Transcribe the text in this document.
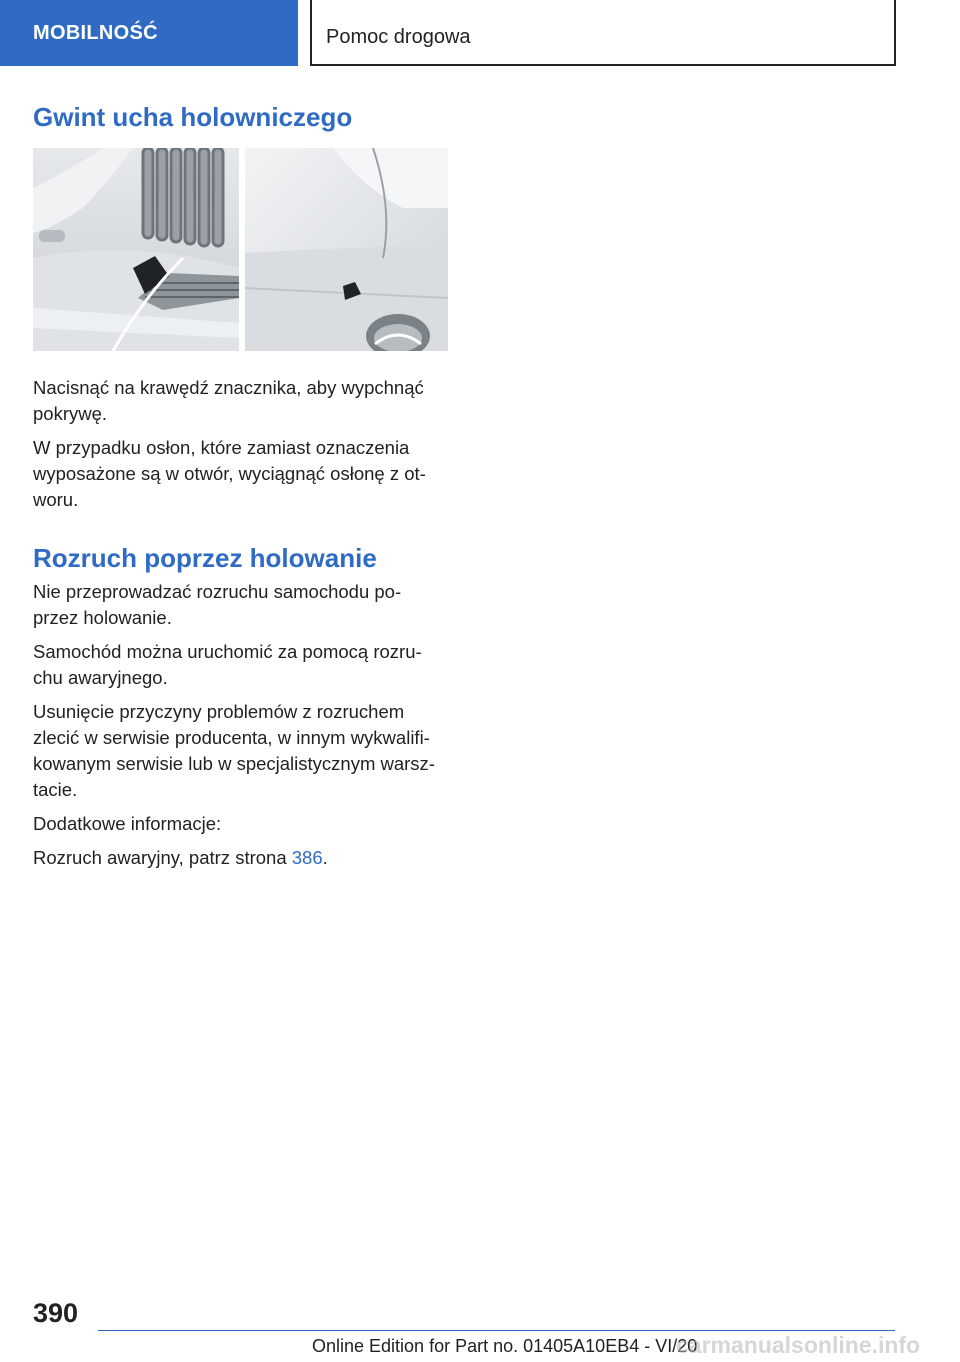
MOBILNOŚĆ	Pomoc drogowa
Gwint ucha holowniczego

Nacisnąć na krawędź znacznika, aby wypchnąć pokrywę.

W przypadku osłon, które zamiast oznaczenia wyposażone są w otwór, wyciągnąć osłonę z ot- woru.

Rozruch poprzez holowanie

Nie przeprowadzać rozruchu samochodu po- przez holowanie.

Samochód można uruchomić za pomocą rozru- chu awaryjnego.

Usunięcie przyczyny problemów z rozruchem zlecić w serwisie producenta, w innym wykwalifi- kowanym serwisie lub w specjalistycznym warsz- tacie.

Dodatkowe informacje:

Rozruch awaryjny, patrz strona 386.

390
Online Edition for Part no. 01405A10EB4 - VI/20
carmanualsonline.info
